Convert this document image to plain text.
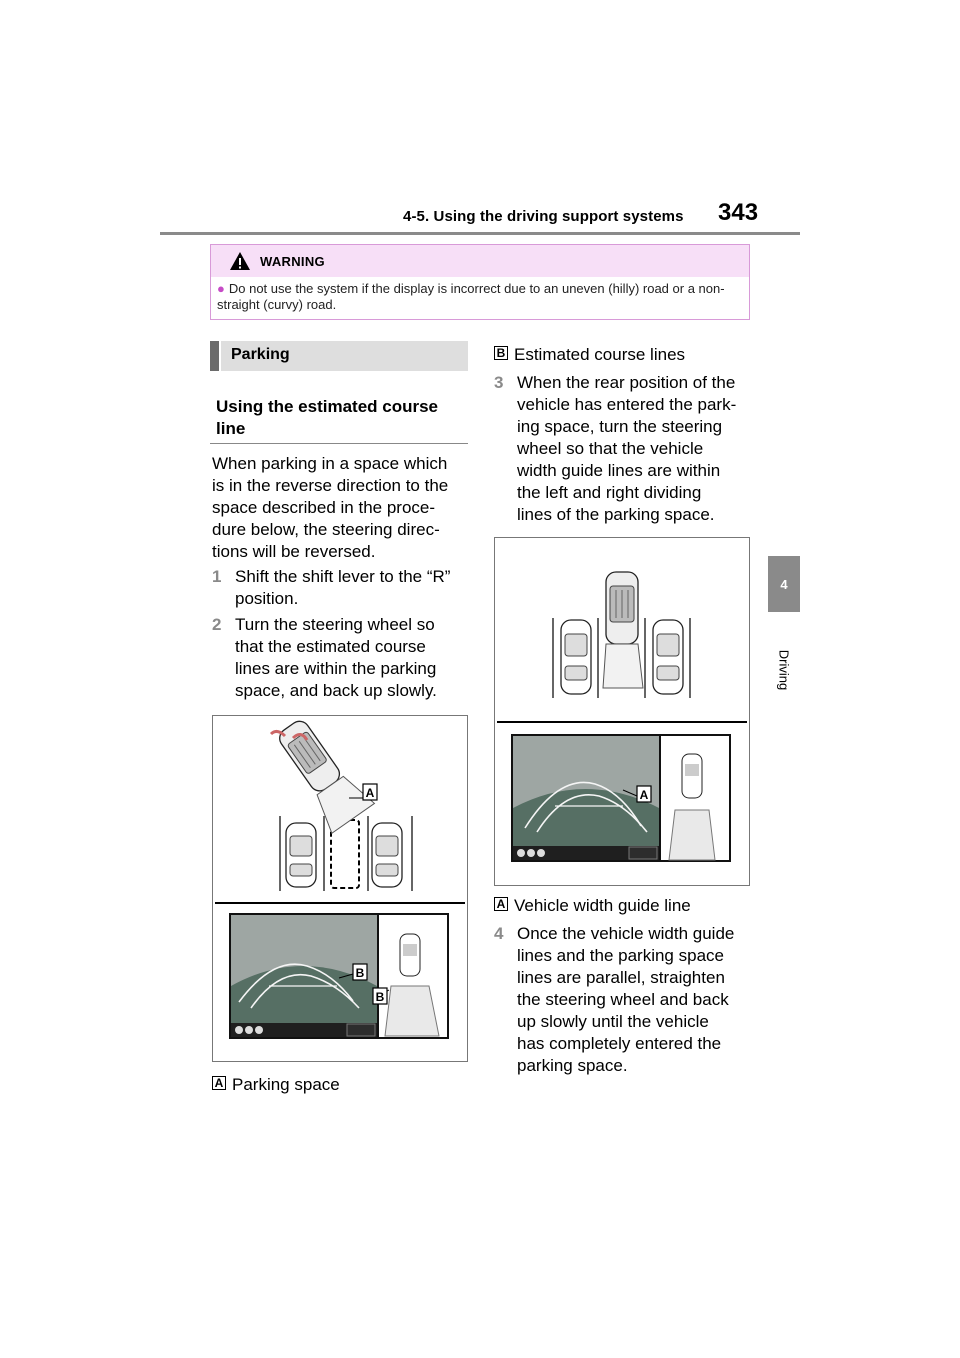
4-5. Using the driving support systems 343
4
Driving
WARNING
● Do not use the system if the display is incorrect due to an uneven (hilly) road or a non-straight (curvy) road.
Parking
Using the estimated course line
When parking in a space which
is in the reverse direction to the
space described in the proce-
dure below, the steering direc-
tions will be reversed.
1 Shift the shift lever to the “R”
position.
2 Turn the steering wheel so
that the estimated course
lines are within the parking
space, and back up slowly.
A
B
B
A Parking space
B Estimated course lines
3 When the rear position of the
vehicle has entered the park-
ing space, turn the steering
wheel so that the vehicle
width guide lines are within
the left and right dividing
lines of the parking space.
A
A Vehicle width guide line
4 Once the vehicle width guide
lines and the parking space
lines are parallel, straighten
the steering wheel and back
up slowly until the vehicle
has completely entered the
parking space.
